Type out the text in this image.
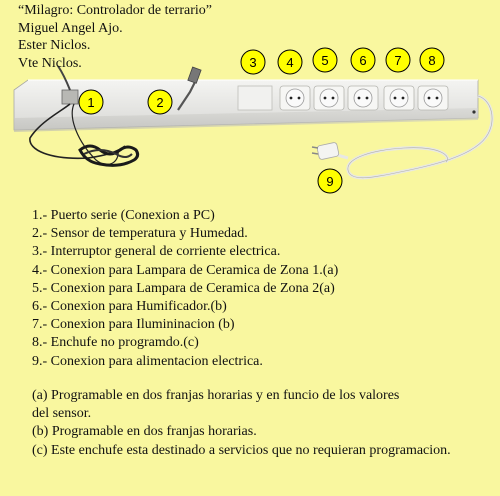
1	2
3 4 5 6 7 8
9
“Milagro: Controlador de terrario”
Miguel Angel Ajo.
Ester Niclos.
Vte Niclos.
1.- Puerto serie (Conexion a PC)
2.- Sensor de temperatura y Humedad.
3.- Interruptor general de corriente electrica.
4.- Conexion para Lampara de Ceramica de Zona 1.(a)
5.- Conexion para Lampara de Ceramica de Zona 2(a)
6.- Conexion para Humificador.(b)
7.- Conexion para Ilumininacion (b)
8.- Enchufe no programdo.(c)
9.- Conexion para alimentacion electrica.
(a) Programable en dos franjas horarias y en funcio de los valores
del sensor.
(b) Programable en dos franjas horarias.
(c) Este enchufe esta destinado a servicios que no requieran programacion.
